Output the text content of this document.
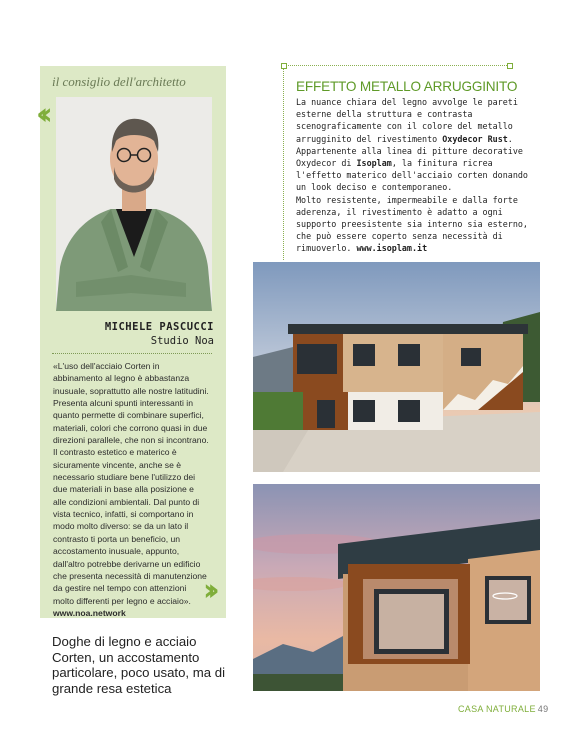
il consiglio dell'architetto
‹‹
MICHELE PASCUCCI
Studio Noa
«L'uso dell'acciaio Corten in abbinamento al legno è abbastanza inusuale, soprattutto alle nostre latitudini. Presenta alcuni spunti interessanti in quanto permette di combinare superfici, materiali, colori che corrono quasi in due direzioni parallele, che non si incontrano. Il contrasto estetico e materico è sicuramente vincente, anche se è necessario studiare bene l'utilizzo dei due materiali in base alla posizione e alle condizioni ambientali. Dal punto di vista tecnico, infatti, si comportano in modo molto diverso: se da un lato il contrasto ti porta un beneficio, un accostamento inusuale, appunto, dall'altro potrebbe derivarne un edificio che presenta necessità di manutenzione da gestire nel tempo con attenzioni molto differenti per legno e acciaio».
www.noa.network
››
Doghe di legno e acciaio Corten, un accostamento particolare, poco usato, ma di grande resa estetica
EFFETTO METALLO ARRUGGINITO
La nuance chiara del legno avvolge le pareti esterne della struttura e contrasta scenograficamente con il colore del metallo arrugginito del rivestimento Oxydecor Rust. Appartenente alla linea di pitture decorative Oxydecor di Isoplam, la finitura ricrea l'effetto materico dell'acciaio corten donando un look deciso e contemporaneo.
Molto resistente, impermeabile e dalla forte aderenza, il rivestimento è adatto a ogni supporto preesistente sia interno sia esterno, che può essere coperto senza necessità di rimuoverlo. www.isoplam.it
CASA NATURALE 49
